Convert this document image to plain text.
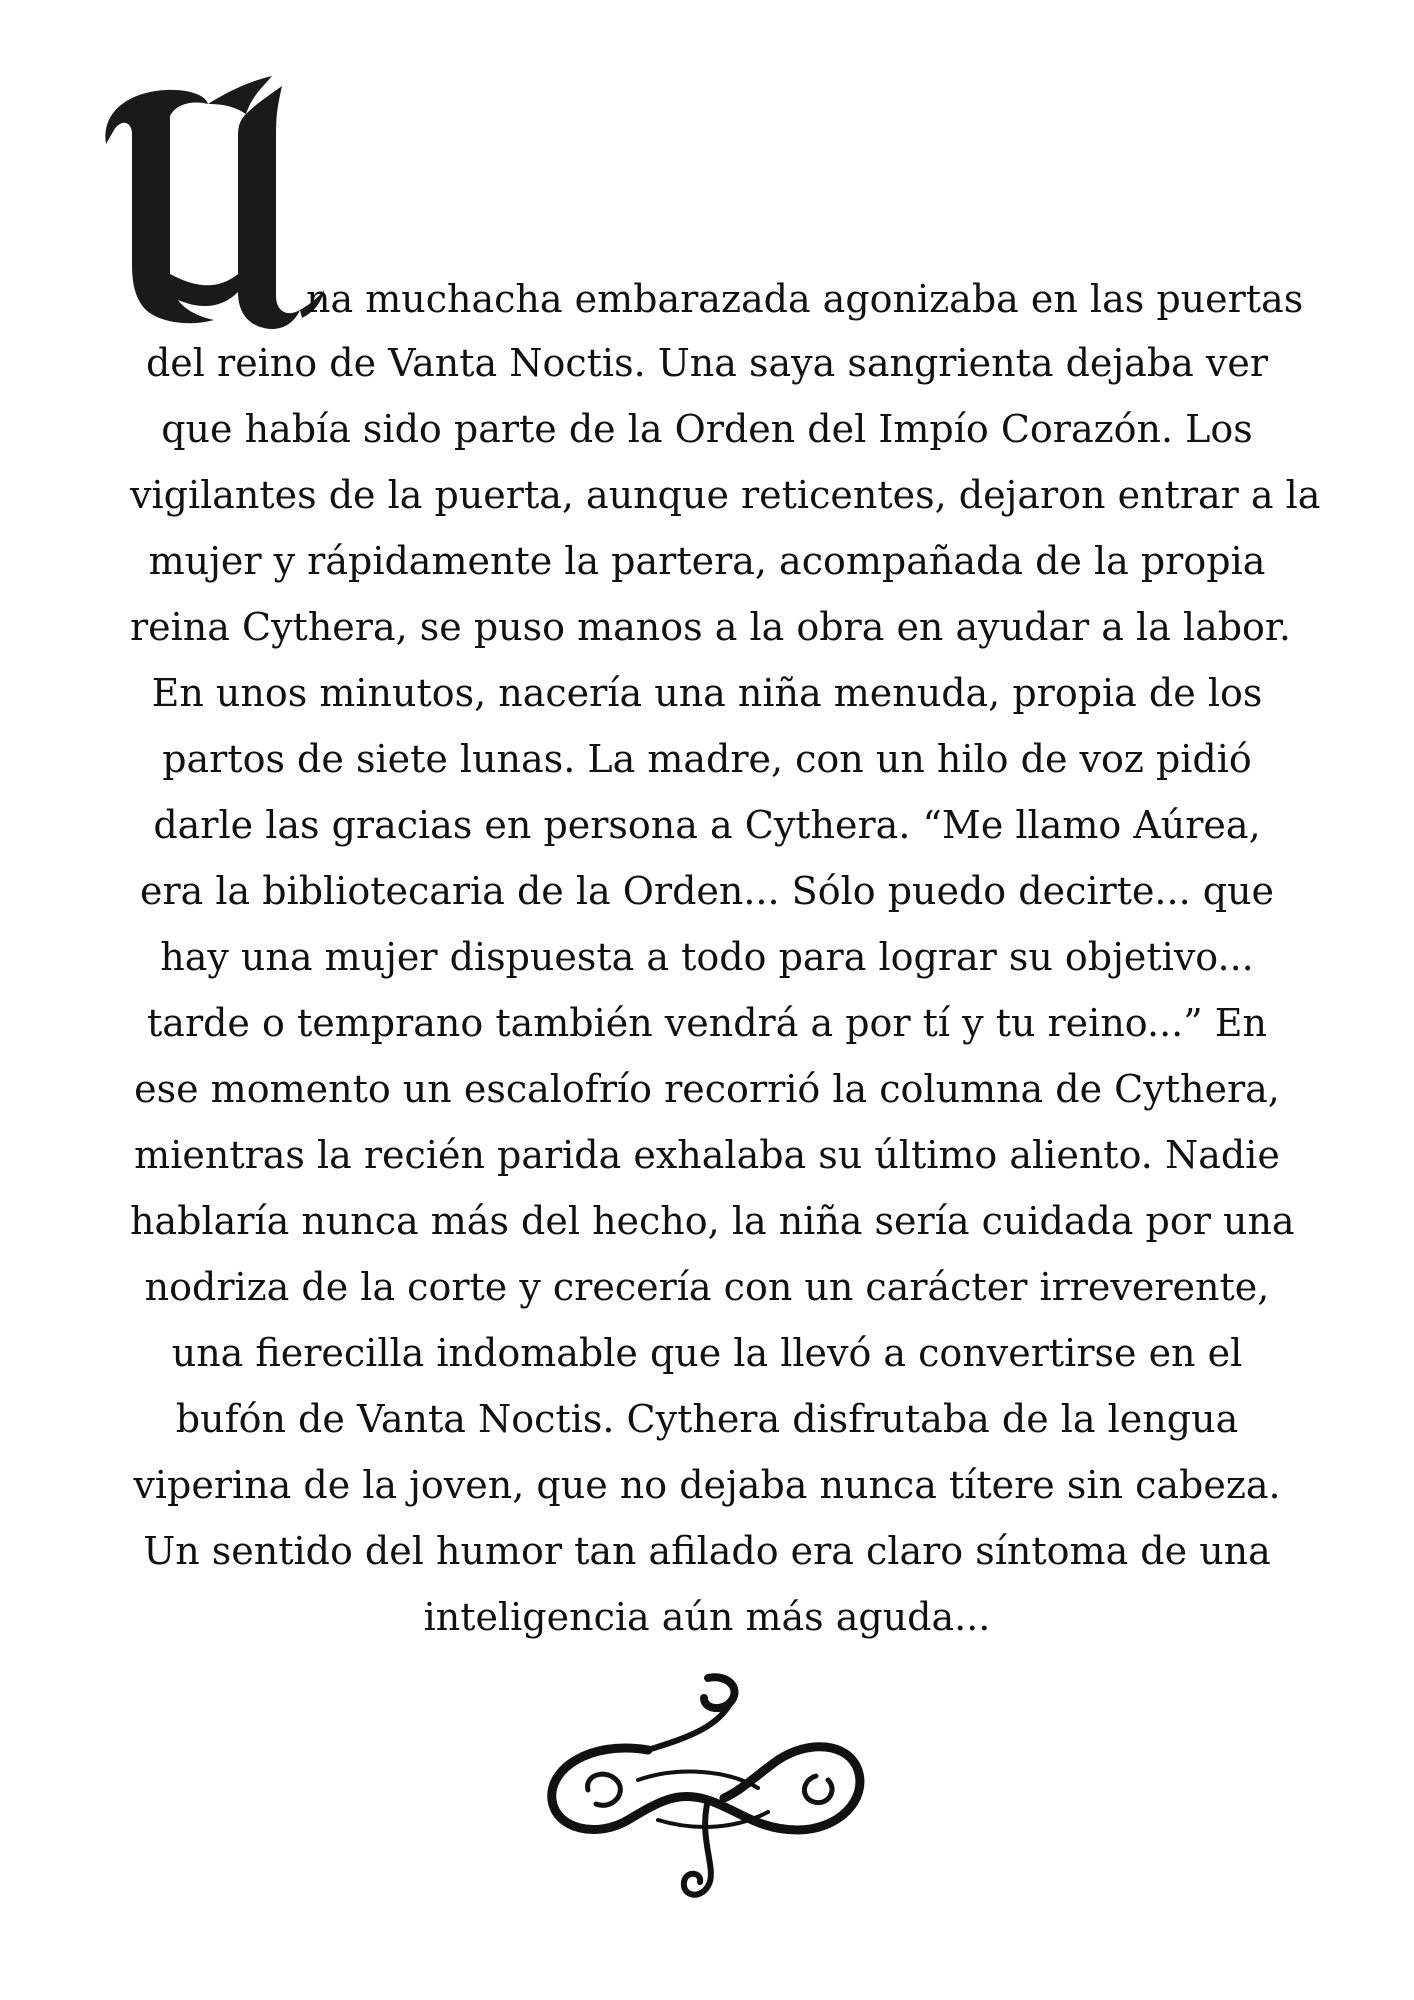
na muchacha embarazada agonizaba en las puertas
del reino de Vanta Noctis. Una saya sangrienta dejaba ver
que había sido parte de la Orden del Impío Corazón. Los
vigilantes de la puerta, aunque reticentes, dejaron entrar a la
mujer y rápidamente la partera, acompañada de la propia
reina Cythera, se puso manos a la obra en ayudar a la labor.
En unos minutos, nacería una niña menuda, propia de los
partos de siete lunas. La madre, con un hilo de voz pidió
darle las gracias en persona a Cythera. “Me llamo Aúrea,
era la bibliotecaria de la Orden... Sólo puedo decirte... que
hay una mujer dispuesta a todo para lograr su objetivo...
tarde o temprano también vendrá a por tí y tu reino...” En
ese momento un escalofrío recorrió la columna de Cythera,
mientras la recién parida exhalaba su último aliento. Nadie
hablaría nunca más del hecho, la niña sería cuidada por una
nodriza de la corte y crecería con un carácter irreverente,
una fierecilla indomable que la llevó a convertirse en el
bufón de Vanta Noctis. Cythera disfrutaba de la lengua
viperina de la joven, que no dejaba nunca títere sin cabeza.
Un sentido del humor tan afilado era claro síntoma de una
inteligencia aún más aguda...
